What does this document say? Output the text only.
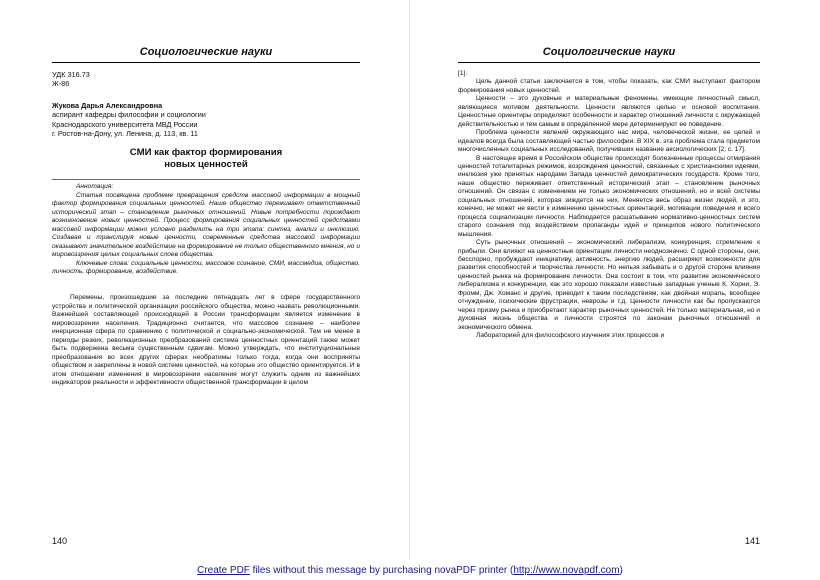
Социологические науки
УДК 316.73
Ж-86
Жукова Дарья Александровна
аспирант кафедры философии и социологии
Краснодарского университета МВД России
г. Ростов-на-Дону, ул. Ленина, д. 113, кв. 11
СМИ как фактор формирования
новых ценностей
Аннотация:

Статья посвящена проблеме превращения средств массовой информации в мощный фактор формирования социальных ценностей. Наше общество переживает ответственный исторический этап – становление рыночных отношений. Новые потребности порождают возникновение новых ценностей. Процесс формирования социальных ценностей средствами массовой информации можно условно разделить на три этапа: синтез, анализ и инклюзию. Создавая и транслируя новые ценности, современные средства массовой информации оказывают значительное воздействие на формирование не только общественного мнения, но и мировоззрения целых социальных слоев общества.

Ключевые слова: социальные ценности, массовое сознание, СМИ, массмедиа, общество, личность, формирование, воздействие.

Перемены, произошедшие за последние пятнадцать лет в сфере государственного устройства и политической организации российского общества, можно назвать революционными. Важнейшей составляющей происходящей в России трансформации является изменение в мировоззрении населения. Традиционно считается, что массовое сознание – наиболее инерционная сфера по сравнению с политической и социально-экономической. Тем не менее в периоды резких, революционных преобразований система ценностных ориентаций также может быть подвержена весьма существенным сдвигам. Можно утверждать, что институциональные преобразования во всех других сферах необратимы только тогда, когда они восприняты обществом и закреплены в новой системе ценностей, на которые это общество ориентируется. И в этом отношении изменения в мировоззрении населения могут служить одним из важнейших индикаторов реальности и эффективности общественной трансформации в целом

140
Социологические науки

[1].

Цель данной статьи заключается в том, чтобы показать, как СМИ выступают фактором формирования новых ценностей.

Ценности – это духовные и материальные феномены, имеющие личностный смысл, являющиеся мотивом деятельности. Ценности являются целью и основой воспитания. Ценностные ориентиры определяют особенности и характер отношений личности с окружающей действительностью и тем самым в определенной мере детерминируют ее поведение.

Проблема ценности явлений окружающего нас мира, человеческой жизни, ее целей и идеалов всегда была составляющей частью философии. В XIX в. эта проблема стала предметом многочисленных социальных исследований, получивших название аксиологических [2, с. 17].

В настоящее время в Российском обществе происходят болезненные процессы отмирания ценностей тоталитарных режимов, возрождения ценностей, связанных с христианскими идеями, инклюзия уже принятых народами Запада ценностей демократических государств. Кроме того, наше общество переживает ответственный исторический этап – становление рыночных отношений. Он связан с изменением не только экономических отношений, но и всей системы социальных отношений, которая зиждется на них. Меняется весь образ жизни людей, и это, конечно, не может не вести к изменению ценностных ориентаций, мотивации поведения и всего процесса социализации личности. Наблюдается расшатывание нормативно-ценностных систем старого сознания под воздействием пропаганды идей и принципов нового политического мышления.

Суть рыночных отношений – экономический либерализм, конкуренция, стремление к прибыли. Они влияют на ценностные ориентации личности неоднозначно. С одной стороны, они, бесспорно, пробуждают инициативу, активность, энергию людей, расширяют возможности для развития способностей и творчества личности. Но нельзя забывать и о другой стороне влияния ценностей рынка на формирование личности. Она состоит в том, что развитие экономического либерализма и конкуренции, как это хорошо показали известные западные ученые К. Хорни, Э. Фромм, Дж. Хоманс и другие, приводит к таким последствиям, как двойная мораль, всеобщее отчуждение, психические фрустрации, неврозы и т.д. Ценности личности как бы пропускаются через призму рынка и приобретают характер рыночных ценностей. Не только материальная, но и духовная жизнь общества и личности строятся по законам рыночных отношений и экономического обмена.

Лабораторией для философского изучения этих процессов и

141
Create PDF files without this message by purchasing novaPDF printer (http://www.novapdf.com)
